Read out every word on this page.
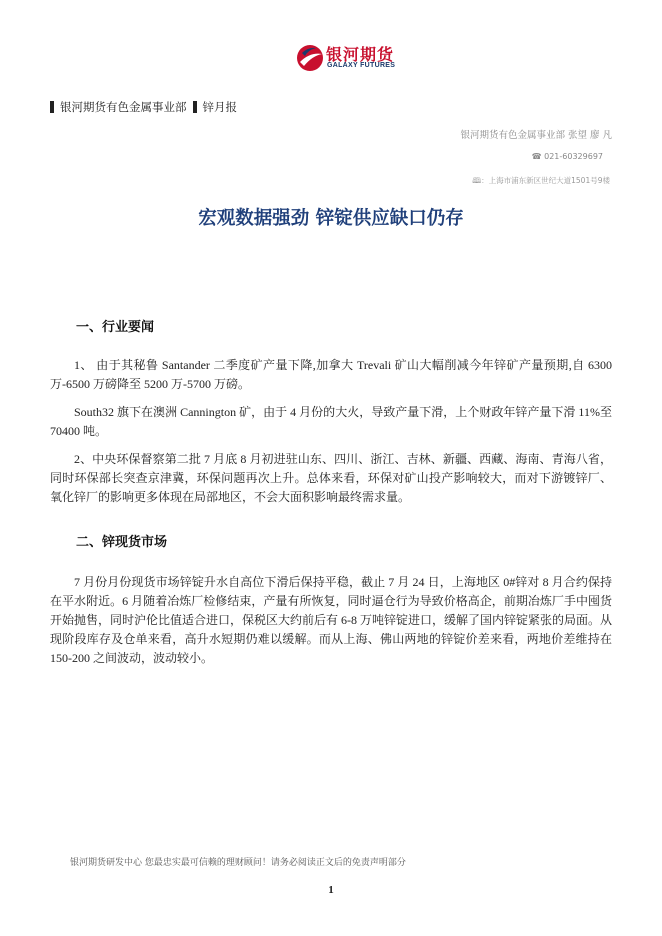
银河期货
GALAXY FUTURES
银河期货有色金属事业部 锌月报
银河期货有色金属事业部 张望 廖 凡
☎ 021-60329697
🕮：上海市浦东新区世纪大道1501号9楼
宏观数据强劲 锌锭供应缺口仍存
一、行业要闻

1、 由于其秘鲁 Santander 二季度矿产量下降,加拿大 Trevali 矿山大幅削减今年锌矿产量预期,自 6300 万-6500 万磅降至 5200 万-5700 万磅。

South32 旗下在澳洲 Cannington 矿，由于 4 月份的大火，导致产量下滑，上个财政年锌产量下滑 11%至 70400 吨。

2、中央环保督察第二批 7 月底 8 月初进驻山东、四川、浙江、吉林、新疆、西藏、海南、青海八省，同时环保部长突查京津冀，环保问题再次上升。总体来看，环保对矿山投产影响较大，而对下游镀锌厂、氧化锌厂的影响更多体现在局部地区，不会大面积影响最终需求量。

二、锌现货市场

7 月份月份现货市场锌锭升水自高位下滑后保持平稳，截止 7 月 24 日，上海地区 0#锌对 8 月合约保持在平水附近。6 月随着冶炼厂检修结束，产量有所恢复，同时逼仓行为导致价格高企，前期冶炼厂手中囤货开始抛售，同时沪伦比值适合进口，保税区大约前后有 6-8 万吨锌锭进口，缓解了国内锌锭紧张的局面。从现阶段库存及仓单来看，高升水短期仍难以缓解。而从上海、佛山两地的锌锭价差来看，两地价差维持在 150-200 之间波动，波动较小。

银河期货研发中心 您最忠实最可信赖的理财顾问！请务必阅读正文后的免责声明部分
1
